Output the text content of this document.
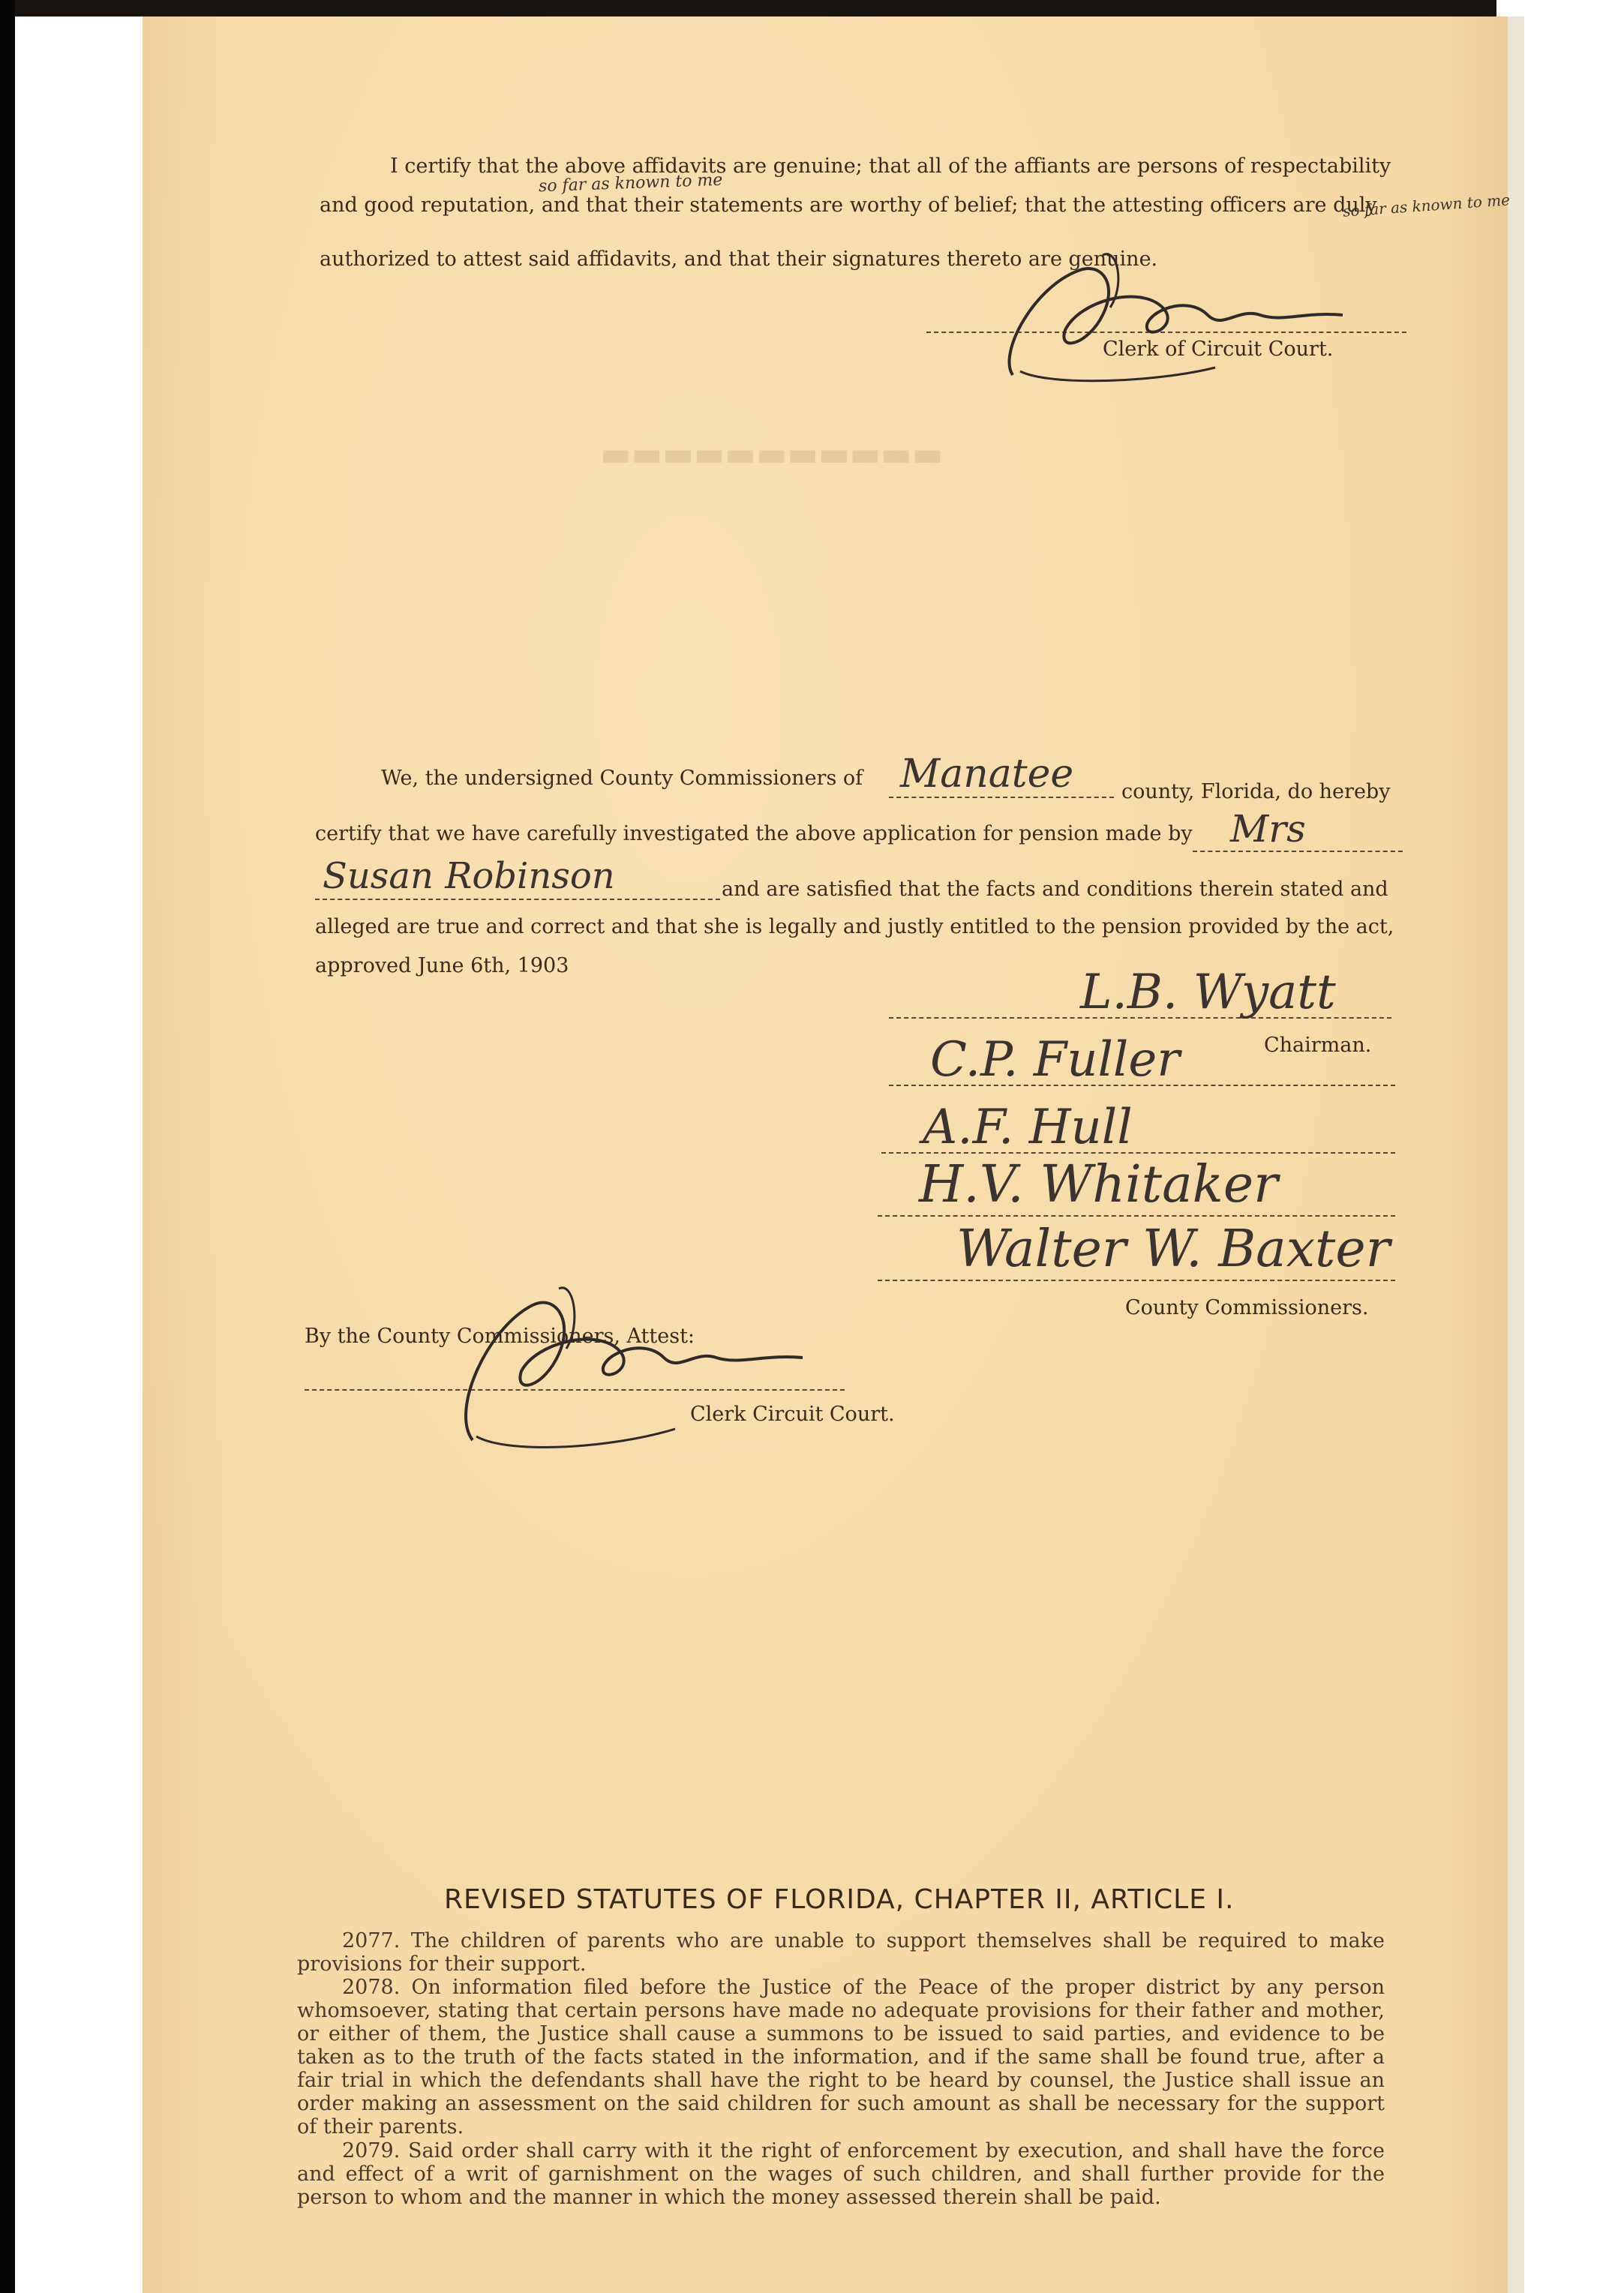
▬▬▬▬▬▬▬▬▬▬▬
I certify that the above affidavits are genuine; that all of the affiants are persons of respectability
so far as known to me
and good reputation, and that their statements are worthy of belief; that the attesting officers are duly
so far as known to me
authorized to attest said affidavits, and that their signatures thereto are genuine.
Clerk of Circuit Court.
We, the undersigned County Commissioners of Manatee county, Florida, do hereby
certify that we have carefully investigated the above application for pension made by Mrs
Susan Robinson	and are satisfied that the facts and conditions therein stated and
alleged are true and correct and that she is legally and justly entitled to the pension provided by the act,
approved June 6th, 1903	L.B. Wyatt
Chairman.
C.P. Fuller
A.F. Hull
H.V. Whitaker
Walter W. Baxter
County Commissioners.
By the County Commissioners, Attest:
Clerk Circuit Court.
REVISED STATUTES OF FLORIDA, CHAPTER II, ARTICLE I.
2077. The children of parents who are unable to support themselves shall be required to make provisions for their support.
2078. On information filed before the Justice of the Peace of the proper district by any person whomsoever, stating that certain persons have made no adequate provisions for their father and mother, or either of them, the Justice shall cause a summons to be issued to said parties, and evidence to be taken as to the truth of the facts stated in the information, and if the same shall be found true, after a fair trial in which the defendants shall have the right to be heard by counsel, the Justice shall issue an order making an assessment on the said children for such amount as shall be necessary for the support of their parents.
2079. Said order shall carry with it the right of enforcement by execution, and shall have the force and effect of a writ of garnishment on the wages of such children, and shall further provide for the person to whom and the manner in which the money assessed therein shall be paid.
